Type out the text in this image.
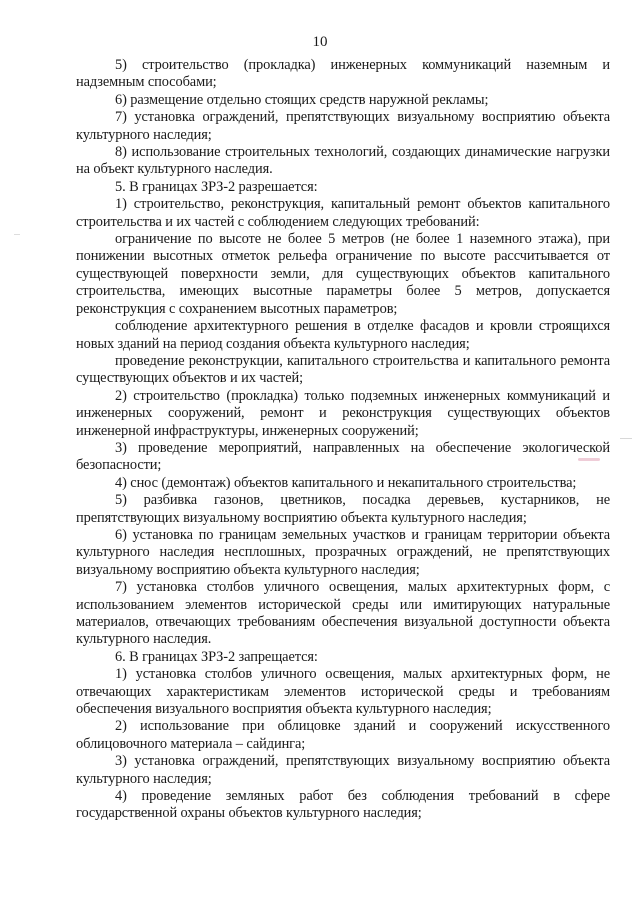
10

5) строительство (прокладка) инженерных коммуникаций наземным и надземным способами;

6) размещение отдельно стоящих средств наружной рекламы;

7) установка ограждений, препятствующих визуальному восприятию объекта культурного наследия;

8) использование строительных технологий, создающих динамические нагрузки на объект культурного наследия.

5. В границах ЗРЗ-2 разрешается:

1) строительство, реконструкция, капитальный ремонт объектов капитального строительства и их частей с соблюдением следующих требований:

ограничение по высоте не более 5 метров (не более 1 наземного этажа), при понижении высотных отметок рельефа ограничение по высоте рассчитывается от существующей поверхности земли, для существующих объектов капитального строительства, имеющих высотные параметры более 5 метров, допускается реконструкция с сохранением высотных параметров;

соблюдение архитектурного решения в отделке фасадов и кровли строящихся новых зданий на период создания объекта культурного наследия;

проведение реконструкции, капитального строительства и капитального ремонта существующих объектов и их частей;

2) строительство (прокладка) только подземных инженерных коммуникаций и инженерных сооружений, ремонт и реконструкция существующих объектов инженерной инфраструктуры, инженерных сооружений;

3) проведение мероприятий, направленных на обеспечение экологической безопасности;

4) снос (демонтаж) объектов капитального и некапитального строительства;

5) разбивка газонов, цветников, посадка деревьев, кустарников, не препятствующих визуальному восприятию объекта культурного наследия;

6) установка по границам земельных участков и границам территории объекта культурного наследия несплошных, прозрачных ограждений, не препятствующих визуальному восприятию объекта культурного наследия;

7) установка столбов уличного освещения, малых архитектурных форм, с использованием элементов исторической среды или имитирующих натуральные материалов, отвечающих требованиям обеспечения визуальной доступности объекта культурного наследия.

6. В границах ЗРЗ-2 запрещается:

1) установка столбов уличного освещения, малых архитектурных форм, не отвечающих характеристикам элементов исторической среды и требованиям обеспечения визуального восприятия объекта культурного наследия;

2) использование при облицовке зданий и сооружений искусственного облицовочного материала – сайдинга;

3) установка ограждений, препятствующих визуальному восприятию объекта культурного наследия;

4) проведение земляных работ без соблюдения требований в сфере государственной охраны объектов культурного наследия;
